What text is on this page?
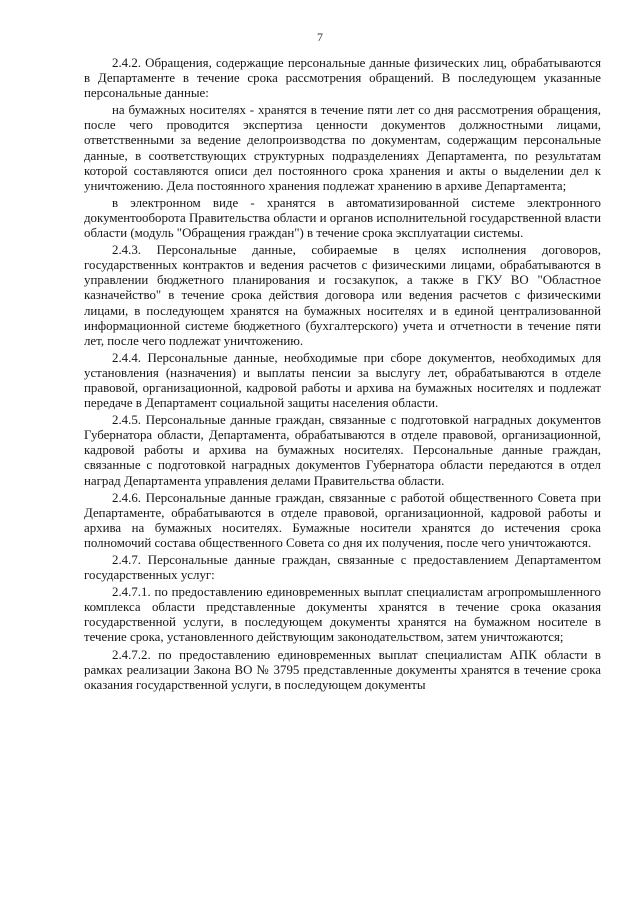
7

2.4.2. Обращения, содержащие персональные данные физических лиц, обрабатываются в Департаменте в течение срока рассмотрения обращений. В последующем указанные персональные данные:

на бумажных носителях - хранятся в течение пяти лет со дня рассмотрения обращения, после чего проводится экспертиза ценности документов должностными лицами, ответственными за ведение делопроизводства по документам, содержащим персональные данные, в соответствующих структурных подразделениях Департамента, по результатам которой составляются описи дел постоянного срока хранения и акты о выделении дел к уничтожению. Дела постоянного хранения подлежат хранению в архиве Департамента;

в электронном виде - хранятся в автоматизированной системе электронного документооборота Правительства области и органов исполнительной государственной власти области (модуль "Обращения граждан") в течение срока эксплуатации системы.

2.4.3. Персональные данные, собираемые в целях исполнения договоров, государственных контрактов и ведения расчетов с физическими лицами, обрабатываются в управлении бюджетного планирования и госзакупок, а также в ГКУ ВО "Областное казначейство" в течение срока действия договора или ведения расчетов с физическими лицами, в последующем хранятся на бумажных носителях и в единой централизованной информационной системе бюджетного (бухгалтерского) учета и отчетности в течение пяти лет, после чего подлежат уничтожению.

2.4.4. Персональные данные, необходимые при сборе документов, необходимых для установления (назначения) и выплаты пенсии за выслугу лет, обрабатываются в отделе правовой, организационной, кадровой работы и архива на бумажных носителях и подлежат передаче в Департамент социальной защиты населения области.

2.4.5. Персональные данные граждан, связанные с подготовкой наградных документов Губернатора области, Департамента, обрабатываются в отделе правовой, организационной, кадровой работы и архива на бумажных носителях. Персональные данные граждан, связанные с подготовкой наградных документов Губернатора области передаются в отдел наград Департамента управления делами Правительства области.

2.4.6. Персональные данные граждан, связанные с работой общественного Совета при Департаменте, обрабатываются в отделе правовой, организационной, кадровой работы и архива на бумажных носителях. Бумажные носители хранятся до истечения срока полномочий состава общественного Совета со дня их получения, после чего уничтожаются.

2.4.7. Персональные данные граждан, связанные с предоставлением Департаментом государственных услуг:

2.4.7.1. по предоставлению единовременных выплат специалистам агропромышленного комплекса области представленные документы хранятся в течение срока оказания государственной услуги, в последующем документы хранятся на бумажном носителе в течение срока, установленного действующим законодательством, затем уничтожаются;

2.4.7.2. по предоставлению единовременных выплат специалистам АПК области в рамках реализации Закона ВО № 3795 представленные документы хранятся в течение срока оказания государственной услуги, в последующем документы
